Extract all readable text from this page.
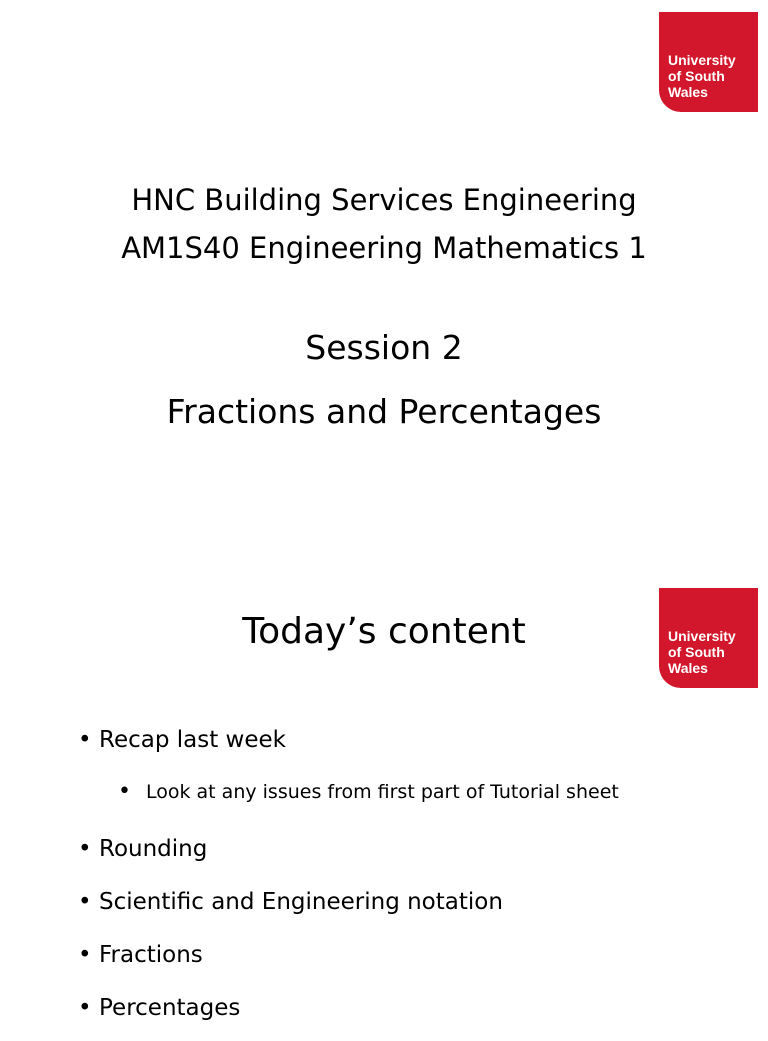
University
of South
Wales
HNC Building Services Engineering
AM1S40 Engineering Mathematics 1
Session 2
Fractions and Percentages
University
of South
Wales
Today’s content
• Recap last week
• Look at any issues from first part of Tutorial sheet
• Rounding
• Scientific and Engineering notation
• Fractions
• Percentages
